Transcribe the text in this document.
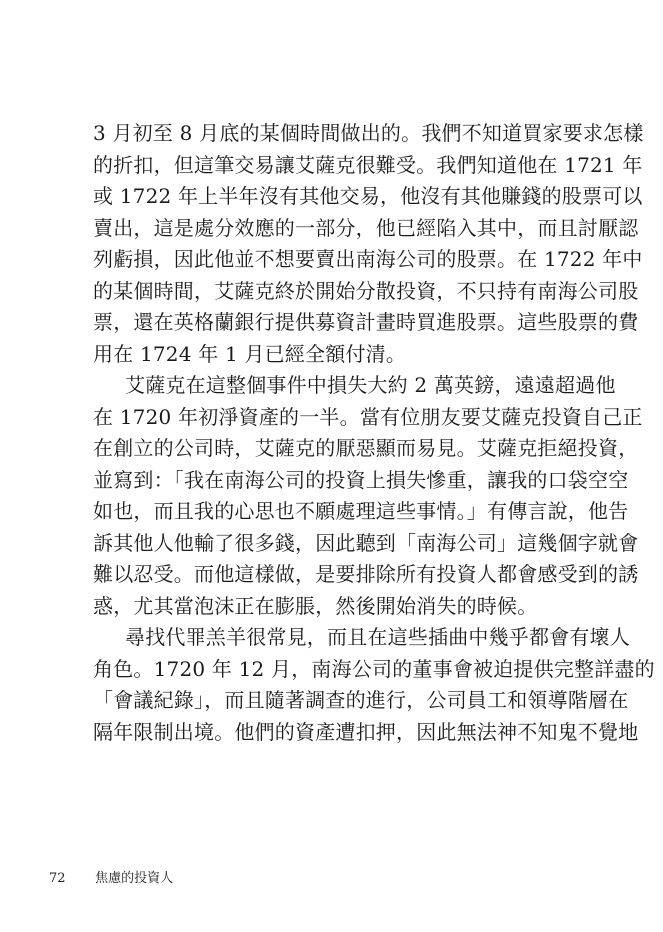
3 月初至 8 月底的某個時間做出的。我們不知道買家要求怎樣
的折扣，但這筆交易讓艾薩克很難受。我們知道他在 1721 年
或 1722 年上半年沒有其他交易，他沒有其他賺錢的股票可以
賣出，這是處分效應的一部分，他已經陷入其中，而且討厭認
列虧損，因此他並不想要賣出南海公司的股票。在 1722 年中
的某個時間，艾薩克終於開始分散投資，不只持有南海公司股
票，還在英格蘭銀行提供募資計畫時買進股票。這些股票的費
用在 1724 年 1 月已經全額付清。
艾薩克在這整個事件中損失大約 2 萬英鎊，遠遠超過他
在 1720 年初淨資產的一半。當有位朋友要艾薩克投資自己正
在創立的公司時，艾薩克的厭惡顯而易見。艾薩克拒絕投資，
並寫到：「我在南海公司的投資上損失慘重，讓我的口袋空空
如也，而且我的心思也不願處理這些事情。」有傳言說，他告
訴其他人他輸了很多錢，因此聽到「南海公司」這幾個字就會
難以忍受。而他這樣做，是要排除所有投資人都會感受到的誘
惑，尤其當泡沫正在膨脹，然後開始消失的時候。
尋找代罪羔羊很常見，而且在這些插曲中幾乎都會有壞人
角色。1720 年 12 月，南海公司的董事會被迫提供完整詳盡的
「會議紀錄」，而且隨著調查的進行，公司員工和領導階層在
隔年限制出境。他們的資產遭扣押，因此無法神不知鬼不覺地
72 焦慮的投資人
